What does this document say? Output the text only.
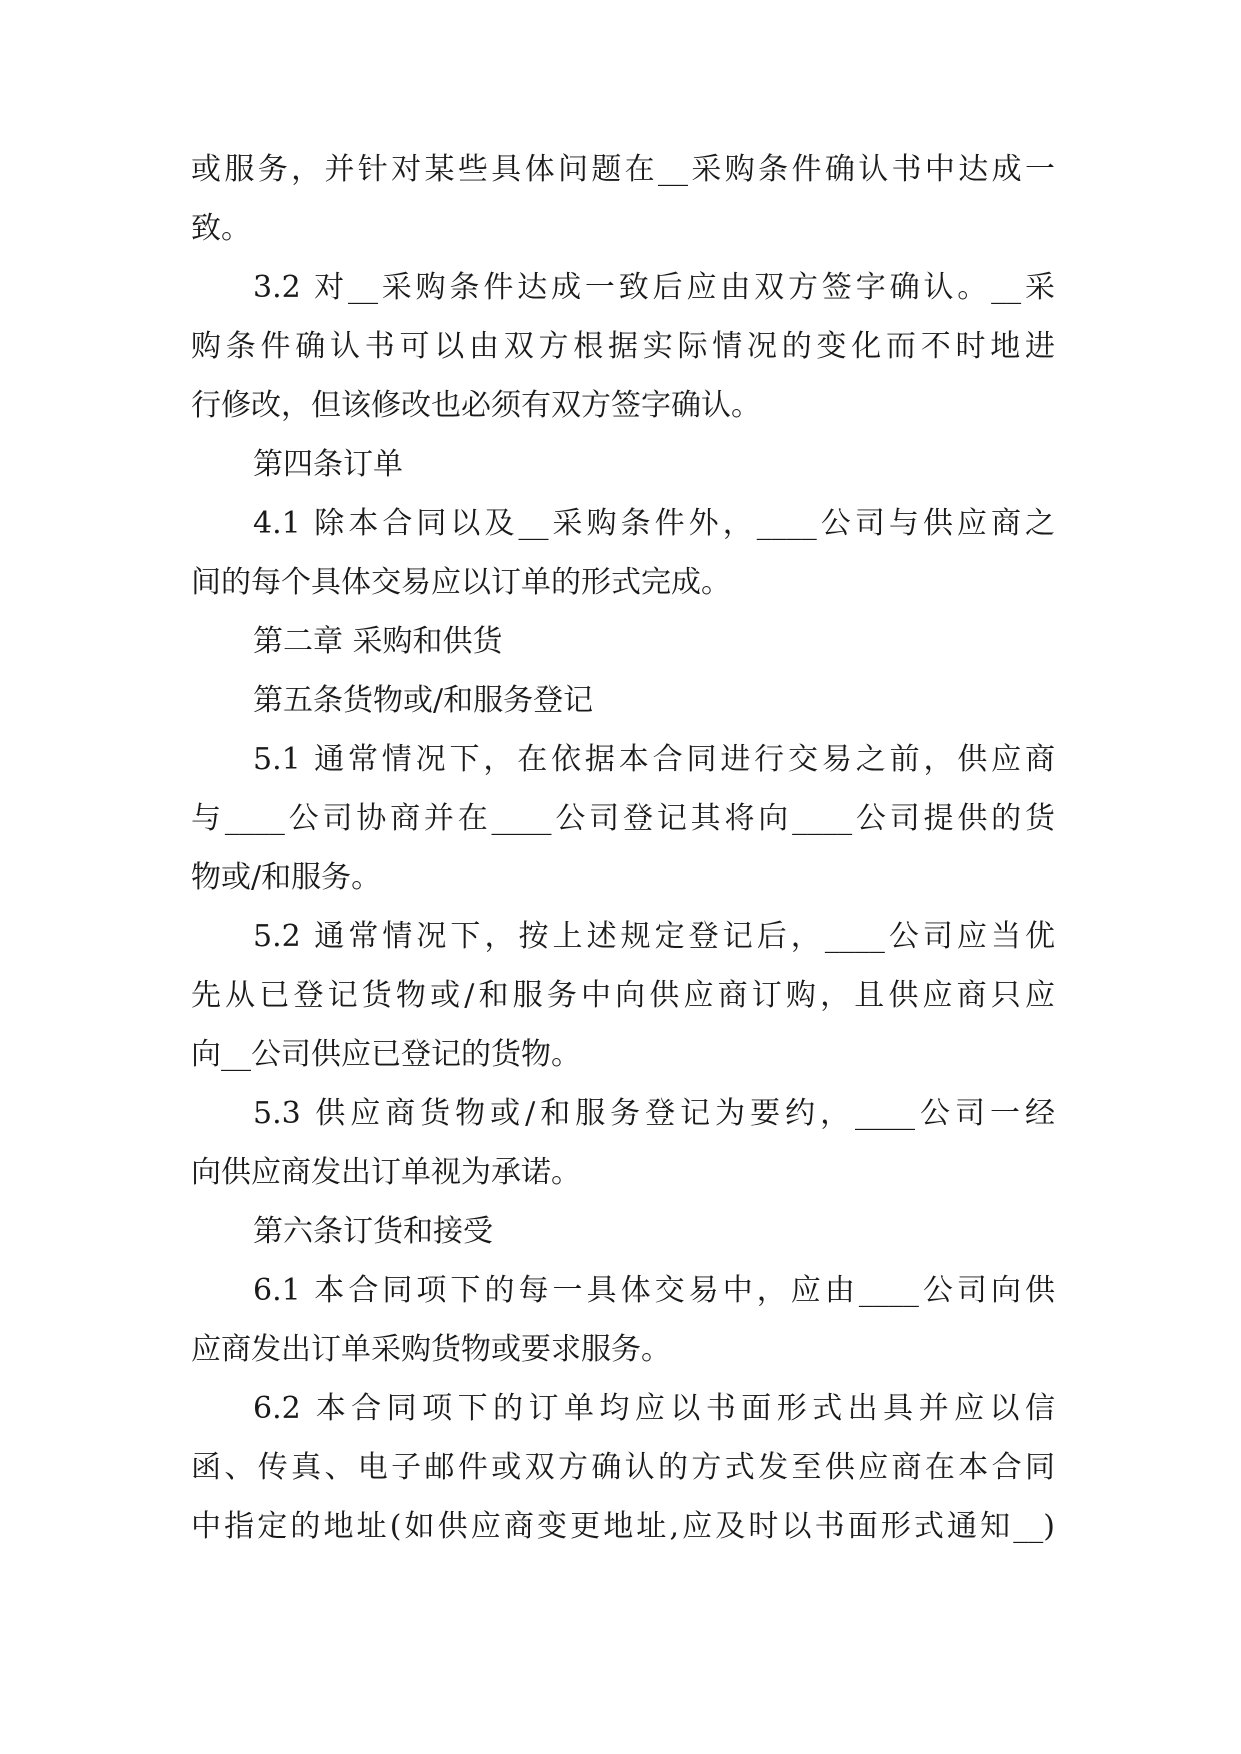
或服务，并针对某些具体问题在__采购条件确认书中达成一
致。
3.2 对__采购条件达成一致后应由双方签字确认。__采
购条件确认书可以由双方根据实际情况的变化而不时地进
行修改，但该修改也必须有双方签字确认。
第四条订单
4.1 除本合同以及__采购条件外，____公司与供应商之
间的每个具体交易应以订单的形式完成。
第二章 采购和供货
第五条货物或/和服务登记
5.1 通常情况下，在依据本合同进行交易之前，供应商
与____公司协商并在____公司登记其将向____公司提供的货
物或/和服务。
5.2 通常情况下，按上述规定登记后，____公司应当优
先从已登记货物或/和服务中向供应商订购，且供应商只应
向__公司供应已登记的货物。
5.3 供应商货物或/和服务登记为要约，____公司一经
向供应商发出订单视为承诺。
第六条订货和接受
6.1 本合同项下的每一具体交易中，应由____公司向供
应商发出订单采购货物或要求服务。
6.2 本合同项下的订单均应以书面形式出具并应以信
函、传真、电子邮件或双方确认的方式发至供应商在本合同
中指定的地址(如供应商变更地址,应及时以书面形式通知__)
